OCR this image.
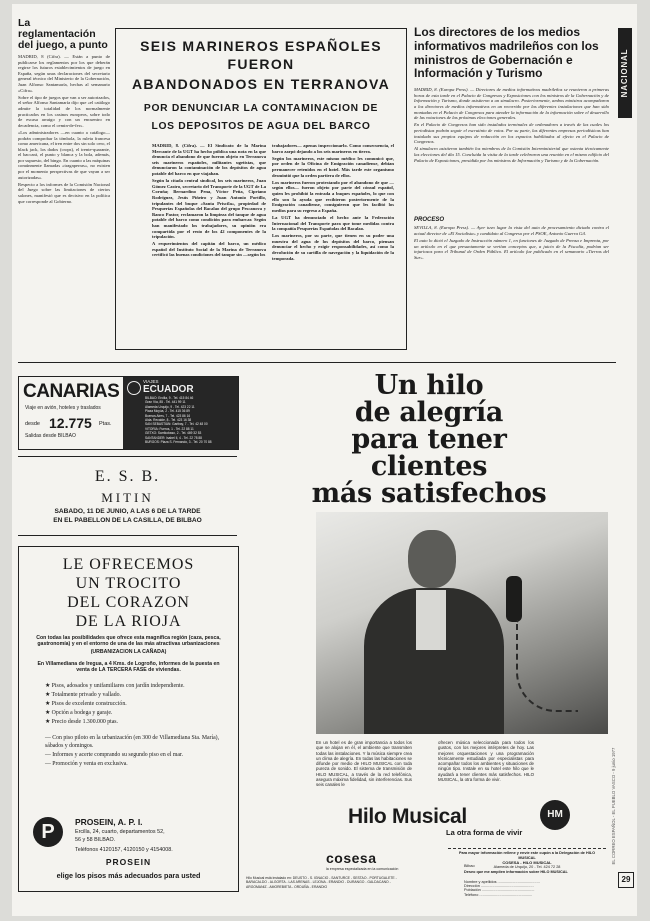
La reglamentación del juego, a punto

MADRID, 8 (Cifra). — Están a punto de publicarse los reglamentos por los que deberán regirse los futuros establecimientos de juego en España, según unas declaraciones del secretario general técnico del Ministerio de la Gobernación, Juan Alfonso Santamaría, hechas al semanario «Cifra».

Sobre el tipo de juegos que van a ser autorizados, el señor Alfonso Santamaría dijo que «el catálogo admite la totalidad de los normalmente practicados en los casinos europeos, sobre todo de escasa arraigo y con un encuentro en decadencia, como el cemin-de-fer».

«Los administradores —en cuanto a catálogo— podrán comprobar la tómbola, la ruleta francesa como americana, el tren entre dos sin solo cero, el black jack, los dados (crops), el trente-quarante, el baccará, el punto y blanca y la bola, además, por supuesto, del bingo. En cuanto a las máquinas comúnmente llamadas «tragaperras», no existen por el momento perspectivas de que vayan a ser autorizadas».

Respecto a los informes de la Comisión Nacional del Juego sobre las limitaciones de ciertos salones, manifestó que es decisivo en la política que corresponde al Gobierno.

SEIS MARINEROS ESPAÑOLES FUERON
ABANDONADOS EN TERRANOVA
POR DENUNCIAR LA CONTAMINACION DE
LOS DEPOSITOS DE AGUA DEL BARCO

MADRID, 8. (Cifra). — El Sindicato de la Marina Mercante de la UGT ha hecho pública una nota en la que denuncia el abandono de que fueron objeto en Terranova seis marineros españoles, militantes ugetistas, que denunciaron la contaminación de los depósitos de agua potable del barco en que viajaban.

Según la citada central sindical, los seis marineros, Juan Gómez Castro, secretario del Transporte de la UGT de La Coruña; Bernardino Pena, Víctor Peña, Cipriano Rodríguez, Jesús Piñeiro y Juan Antonio Portillo, tripulantes del buque «Santa Priscila», propiedad de Pesquerías Españolas del Bacalao del grupo Pescanova y Banco Pastor, reclamaron la limpieza del tanque de agua potable del barco como condición para embarcar. Según han manifestado los trabajadores, su opinión era compartida por el resto de los 42 componentes de la tripulación.

A requerimientos del capitán del barco, un médico español del Instituto Social de la Marina de Terranova certificó las buenas condiciones del tanque sin —según los

trabajadores— apenas inspeccionarlo. Como consecuencia, el barco zarpó dejando a los seis marineros en tierra.

Según los marineros, este mismo médico les comunicó que, por orden de la Oficina de Emigración canadiense, debían permanecer retenidos en el hotel. Más tarde este organismo desmintió que la orden partiera de ellos.

Los marineros fueron protestando por el abandono de que —según ellos— fueron objeto por parte del cónsul español, quien les prohibió la entrada a buques españoles, lo que con ello son la ayuda que recibieron posteriormente de la Emigración canadiense, consiguieron que les facilitó los medios para su regreso a España.

La UGT ha denunciado el hecho ante la Federación Internacional del Transporte para que tome medidas contra la compañía Pesquerías Españolas del Bacalao.

Los marineros, por su parte, que tienen en su poder una muestra del agua de los depósitos del barco, piensan denunciar el hecho y exigir responsabilidades, así como la devolución de su cartilla de navegación y la liquidación de la temporada.

Los directores de los medios informativos madrileños con los ministros de Gobernación e Información y Turismo

MADRID, 8. (Europa Press). — Directores de medios informativos madrileños se reunieron a primeras horas de esta tarde en el Palacio de Congresos y Exposiciones con los ministros de la Gobernación y de Información y Turismo, donde asistieron a un simulacro. Posteriormente, ambos ministros acompañaron a los directores de medios informativos en un recorrido por las diferentes instalaciones que han sido montadas en el Palacio de Congresos para atender la información de la información sobre el desarrollo de las votaciones de las próximas elecciones generales.

En el Palacio de Congresos han sido instalados terminales de ordenadores a través de las cuales los periodistas podrán seguir el escrutinio de votos. Por su parte, las diferentes empresas periodísticas han instalado sus propios equipos de redacción en los espacios habilitados al efecto en el Palacio de Congresos.

Al simulacro asistieron también los miembros de la Comisión Interministerial que ostenta técnicamente las elecciones del día 15. Concluida la visita de la tarde celebraron una reunión en el mismo edificio del Palacio de Exposiciones, presidida por los ministros de Información y Turismo y de la Gobernación.

PROCESO

SEVILLA, 8. (Europa Press). — Ayer tuvo lugar la vista del auto de procesamiento dictado contra el actual director de «El Socialista» y candidato al Congreso por el PSOE, Antonio Guerra Gil.

El auto lo dictó el Juzgado de Instrucción número 1, en funciones de Juzgado de Prensa e Imprenta, por un artículo en el que presuntamente se vertían conceptos que, a juicio de la Fiscalía, podrían ser injuriosos para el Tribunal de Orden Público. El artículo fue publicado en el semanario «Tierras del Sur».

NACIONAL
EL CORREO ESPAÑOL - EL PUEBLO VASCO - 9 junio 1977
29
CANARIAS
Viaje en avión, hoteles y traslados
desde 12.775 Ptas.
Salidas desde BILBAO
VIAJES
ECUADOR
BILBAO: Ercilla, 9 - Tel. 415 84 46
Gran Vía, 85 - Tel. 441 99 11
Alameda Urquijo, 9 - Tel. 423 22 11
Plaza Moyúa, 2 - Tel. 415 36 89
Buenos Aires, 7 - Tel. 423 86 16
Alda. Recalde, 8 - Tel. 423 16 38
SAN SEBASTIÁN: Garibay, 7 - Tel. 42 48 00
VITORIA: Fueros, 1 - Tel. 22 88 11
GETXO: Sarrikobaso, 2 - Tel. 469 32 53
SANTANDER: Isabel II, 4 - Tel. 22 78 88
BURGOS: Plaza S. Fernando, 3 - Tel. 20 70 88
E. S. B.
MITIN
SABADO, 11 DE JUNIO, A LAS 6 DE LA TARDE
EN EL PABELLON DE LA CASILLA, DE BILBAO
LE OFRECEMOS
UN TROCITO
DEL CORAZON
DE LA RIOJA
Con todas las posibilidades que ofrece esta magnífica región (caza, pesca, gastronomía) y en el entorno de una de las más atractivas urbanizaciones
(URBANIZACION LA CAÑADA)
En Villamediana de Iregua, a 4 Kms. de Logroño, informes de la puesta en venta de LA TERCERA FASE de viviendas.
★ Pisos, adosados y unifamiliares con jardín independiente.
★ Totalmente privado y vallado.
★ Pisos de excelente construcción.
★ Opción a bodega y garaje.
★ Precio desde 1.300.000 ptas.
— Con piso piloto en la urbanización (en 300 de Villamediana Sta. María), sábados y domingos.
— Informes y acerte comprando su segundo piso en el mar.
— Promoción y venta en exclusiva.
P	PROSEIN, A. P. I.
Ercilla, 24, cuarto, departamentos 52,
56 y 58 BILBAO.
Teléfonos 4120157, 4120150 y 4154008.
PROSEIN
elige los pisos más adecuados para usted
Un hilo
de alegría
para tener
clientes
más satisfechos
En un hotel es de gran importancia a todos los que se alojan en él, el ambiente que transmiten todas las instalaciones. Y la música siempre crea un clima de alegría. En todas las habitaciones se difunde por medio de HILO MUSICAL con toda pureza de sonido. El sistema de transmisión de HILO MUSICAL, a través de la red telefónica, asegura máxima fidelidad, sin interferencias. Sus seis canales le
ofrecen música seleccionada para todos los gustos, con los mejores intérpretes de hoy. Las mejores orquestaciones y una programación técnicamente estudiada por especialistas para acompañar todos los ambientes y situaciones de ningún tipo. Instale en su hotel este hilo que le ayudará a tener clientes más satisfechos. HILO MUSICAL, la otra forma de vivir.
Hilo Musical
La otra forma de vivir
HM
cosesa
la empresa especializada en la comunicación
Hilo Musical está instalado en: DEUSTO - S. IGNACIO - SANTURCE - SESTAO - PORTUGALETE - BARACALDO - ALGORTA - LAS ARENAS - LEJONA - ERANDIO - DURANGO - GALDACANO - ARGOMANIZ - AMOREBIETA - ORDUÑA - ERANDIO
Para mayor información rellene y envíe este cupón a la Delegación de HILO MUSICAL
COSESA - HILO MUSICAL
Alameda de Urquijo, 20 - Tel. 424 72 28
Bilbao
Deseo que me amplíen información sobre HILO MUSICAL
Nombre y apellidos ........................................
Dirección ..................................................
Población ..................................................
Teléfono ..................................................
